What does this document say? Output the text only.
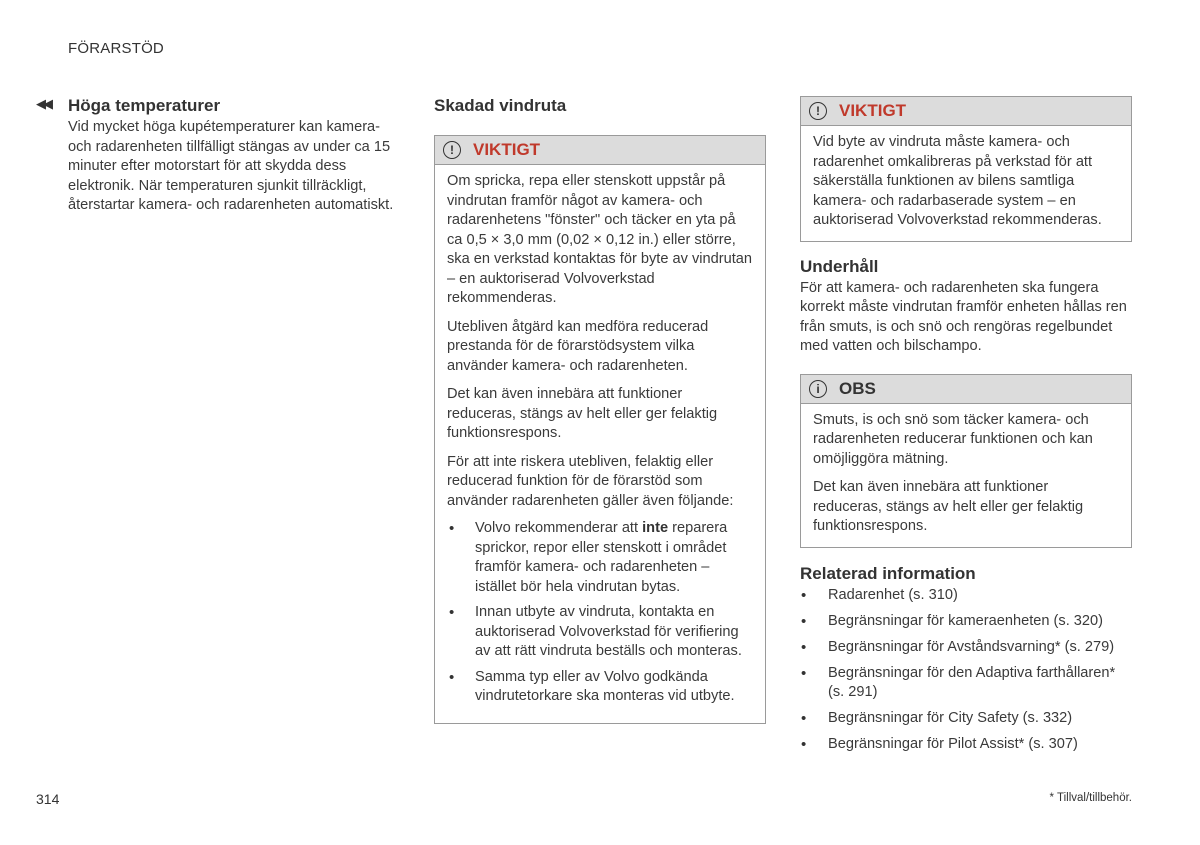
FÖRARSTÖD
◀◀ Höga temperaturer

Vid mycket höga kupétemperaturer kan kamera- och radarenheten tillfälligt stängas av under ca 15 minuter efter motorstart för att skydda dess elektronik. När temperaturen sjunkit tillräckligt, återstartar kamera- och radarenheten automatiskt.

Skadad vindruta
!	VIKTIGT

Om spricka, repa eller stenskott uppstår på vindrutan framför något av kamera- och radarenhetens "fönster" och täcker en yta på ca 0,5 × 3,0 mm (0,02 × 0,12 in.) eller större, ska en verkstad kontaktas för byte av vindrutan – en auktoriserad Volvoverkstad rekommenderas.

Utebliven åtgärd kan medföra reducerad prestanda för de förarstödsystem vilka använder kamera- och radarenheten.

Det kan även innebära att funktioner reduceras, stängs av helt eller ger felaktig funktionsrespons.

För att inte riskera utebliven, felaktig eller reducerad funktion för de förarstöd som använder radarenheten gäller även följande:

• Volvo rekommenderar att inte reparera sprickor, repor eller stenskott i området framför kamera- och radarenheten – istället bör hela vindrutan bytas.
• Innan utbyte av vindruta, kontakta en auktoriserad Volvoverkstad för verifiering av att rätt vindruta beställs och monteras.
• Samma typ eller av Volvo godkända vindrutetorkare ska monteras vid utbyte.
!	VIKTIGT

Vid byte av vindruta måste kamera- och radarenhet omkalibreras på verkstad för att säkerställa funktionen av bilens samtliga kamera- och radarbaserade system – en auktoriserad Volvoverkstad rekommenderas.

Underhåll

För att kamera- och radarenheten ska fungera korrekt måste vindrutan framför enheten hållas ren från smuts, is och snö och rengöras regelbundet med vatten och bilschampo.

i	OBS

Smuts, is och snö som täcker kamera- och radarenheten reducerar funktionen och kan omöjliggöra mätning.

Det kan även innebära att funktioner reduceras, stängs av helt eller ger felaktig funktionsrespons.

Relaterad information
• Radarenhet (s. 310)
• Begränsningar för kameraenheten (s. 320)
• Begränsningar för Avståndsvarning* (s. 279)
• Begränsningar för den Adaptiva farthållaren* (s. 291)
• Begränsningar för City Safety (s. 332)
• Begränsningar för Pilot Assist* (s. 307)
314	* Tillval/tillbehör.
